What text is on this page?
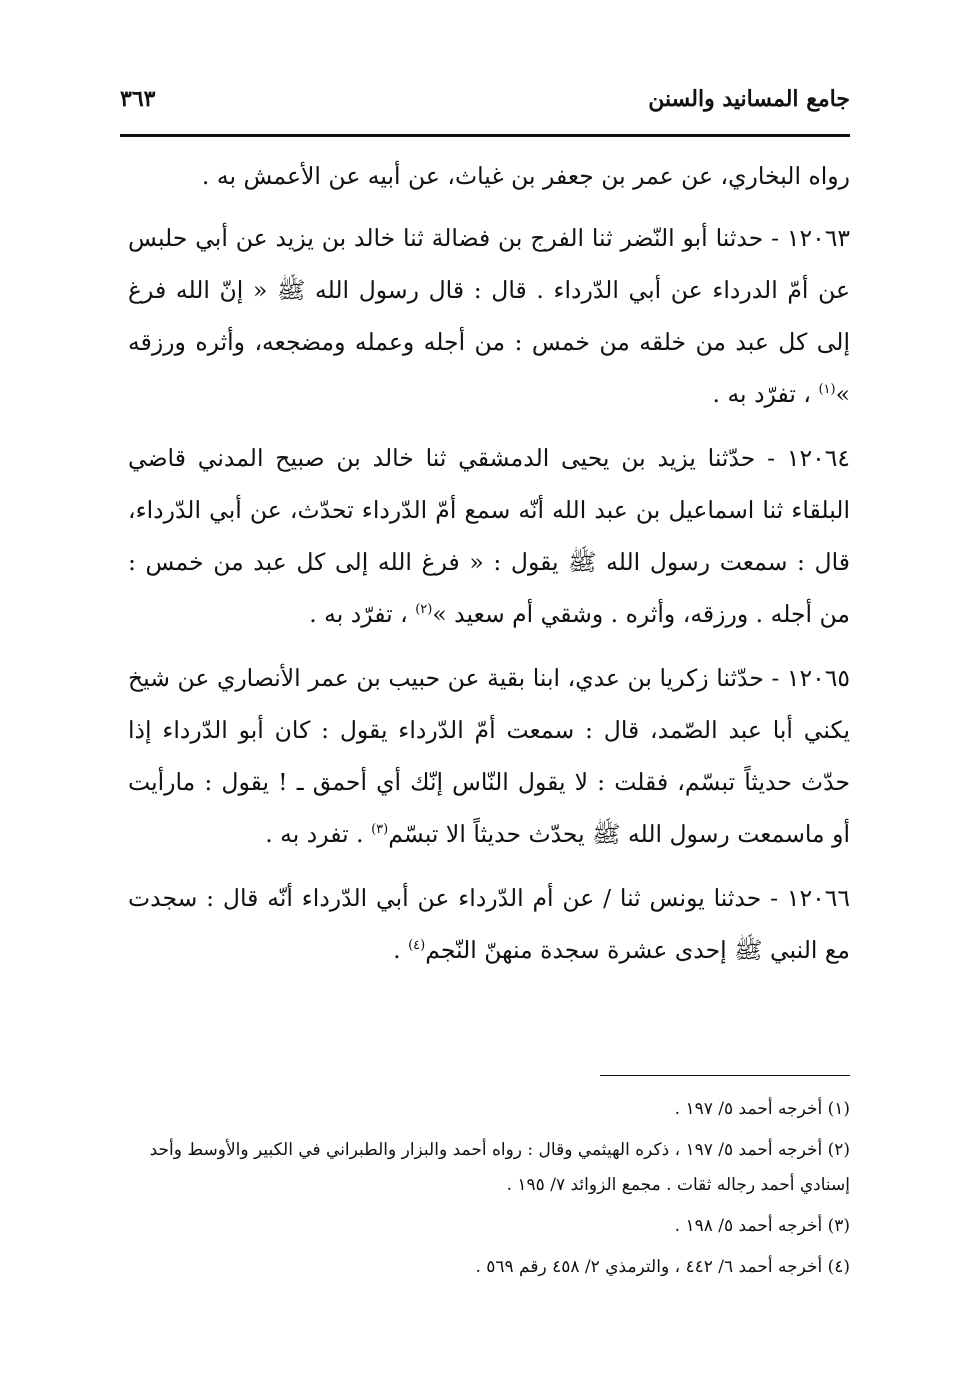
جامع المسانيد والسنن
٣٦٣

رواه البخاري، عن عمر بن جعفر بن غياث، عن أبيه عن الأعمش به .

١٢٠٦٣ - حدثنا أبو النّضر ثنا الفرج بن فضالة ثنا خالد بن يزيد عن أبي حلبس عن أمّ الدرداء عن أبي الدّرداء . قال : قال رسول الله ﷺ « إنّ الله فرغ إلى كل عبد من خلقه من خمس : من أجله وعمله ومضجعه، وأثره ورزقه »$^{(١)}$ ، تفرّد به .

١٢٠٦٤ - حدّثنا يزيد بن يحيى الدمشقي ثنا خالد بن صبيح المدني قاضي البلقاء ثنا اسماعيل بن عبد الله أنّه سمع أمّ الدّرداء تحدّث، عن أبي الدّرداء، قال : سمعت رسول الله ﷺ يقول : « فرغ الله إلى كل عبد من خمس : من أجله . ورزقه، وأثره . وشقي أم سعيد »$^{(٢)}$ ، تفرّد به .

١٢٠٦٥ - حدّثنا زكريا بن عدي، ابنا بقية عن حبيب بن عمر الأنصاري عن شيخ يكني أبا عبد الصّمد، قال : سمعت أمّ الدّرداء يقول : كان أبو الدّرداء إذا حدّث حديثاً تبسّم، فقلت : لا يقول النّاس إنّك أي أحمق ـ ! يقول : مارأيت أو ماسمعت رسول الله ﷺ يحدّث حديثاً الا تبسّم$^{(٣)}$ . تفرد به .

١٢٠٦٦ - حدثنا يونس ثنا / عن أم الدّرداء عن أبي الدّرداء أنّه قال : سجدت مع النبي ﷺ إحدى عشرة سجدة منهنّ النّجم$^{(٤)}$ .

(١) أخرجه أحمد ٥/ ١٩٧ .

(٢) أخرجه أحمد ٥/ ١٩٧ ، ذكره الهيثمي وقال : رواه أحمد والبزار والطبراني في الكبير والأوسط وأحد إسنادي أحمد رجاله ثقات . مجمع الزوائد ٧/ ١٩٥ .

(٣) أخرجه أحمد ٥/ ١٩٨ .

(٤) أخرجه أحمد ٦/ ٤٤٢ ، والترمذي ٢/ ٤٥٨ رقم ٥٦٩ .
